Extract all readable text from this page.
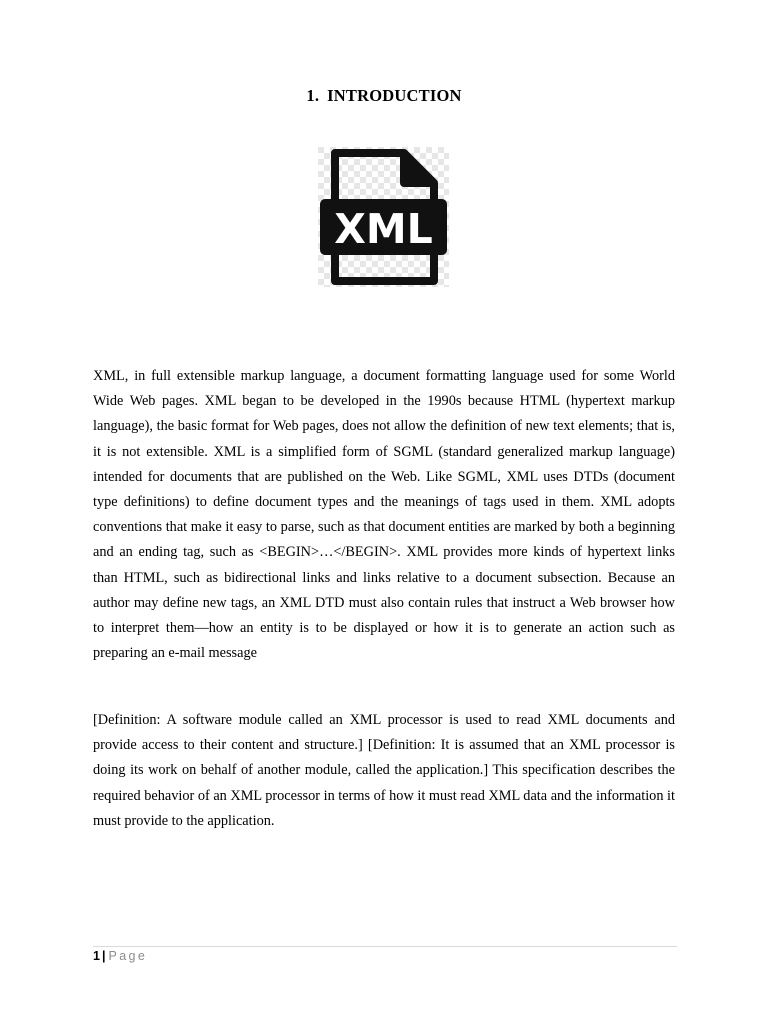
1. INTRODUCTION
XML

XML, in full extensible markup language, a document formatting language used for some World Wide Web pages. XML began to be developed in the 1990s because HTML (hypertext markup language), the basic format for Web pages, does not allow the definition of new text elements; that is, it is not extensible. XML is a simplified form of SGML (standard generalized markup language) intended for documents that are published on the Web. Like SGML, XML uses DTDs (document type definitions) to define document types and the meanings of tags used in them. XML adopts conventions that make it easy to parse, such as that document entities are marked by both a beginning and an ending tag, such as <BEGIN>…</BEGIN>. XML provides more kinds of hypertext links than HTML, such as bidirectional links and links relative to a document subsection. Because an author may define new tags, an XML DTD must also contain rules that instruct a Web browser how to interpret them—how an entity is to be displayed or how it is to generate an action such as preparing an e-mail message

[Definition: A software module called an XML processor is used to read XML documents and provide access to their content and structure.] [Definition: It is assumed that an XML processor is doing its work on behalf of another module, called the application.] This specification describes the required behavior of an XML processor in terms of how it must read XML data and the information it must provide to the application.

1 | Page
